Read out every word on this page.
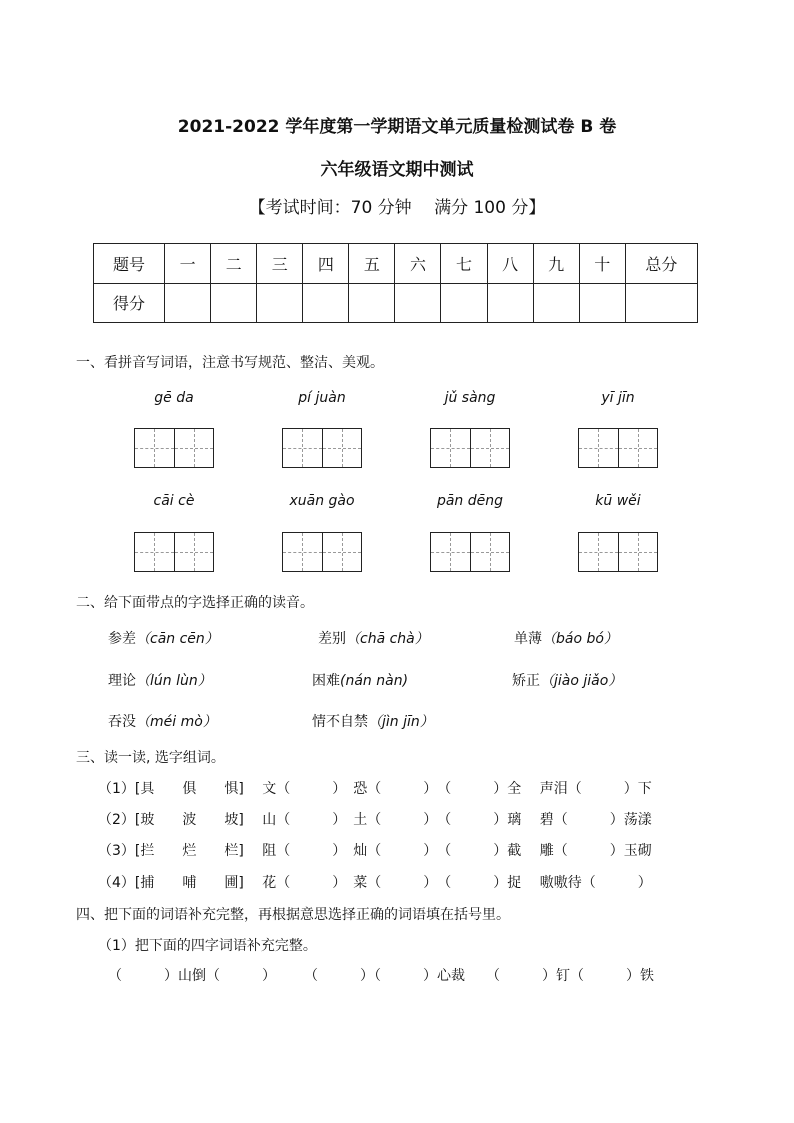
2021-2022 学年度第一学期语文单元质量检测试卷 B 卷
六年级语文期中测试
【考试时间：70 分钟　 满分 100 分】
题号	一	二	三	四	五	六	七	八	九	十	总分
得分											
一、看拼音写词语，注意书写规范、整洁、美观。
gē da	pí juàn	jǔ sàng	yī jīn
cāi cè	xuān gào	pān dēng	kū wěi
二、给下面带点的字选择正确的读音。
参差（cān cēn）	差别（chā chà）	单薄（báo bó）
理论（lún lùn）	困难(nán nàn)	矫正（jiào jiǎo）
吞没（méi mò）	情不自禁（jìn jīn）
三、读一读, 选字组词。
（1）[具　　俱　　惧]　 文（　　　）　恐（　　　）　（　　　）全　 声泪（　　　）下
（2）[玻　　波　　坡]　 山（　　　）　土（　　　）　（　　　）璃　 碧（　　　）荡漾
（3）[拦　　烂　　栏]　 阻（　　　）　灿（　　　）　（　　　）截　 雕（　　　）玉砌
（4）[捕　　哺　　圃]　 花（　　　）　菜（　　　）　（　　　）捉　 嗷嗷待（　　　）
四、把下面的词语补充完整，再根据意思选择正确的词语填在括号里。
（1）把下面的四字词语补充完整。
（　　　）山倒（　　　）　　　（　　　）（　　　）心裁　　（　　　）钉（　　　）铁
